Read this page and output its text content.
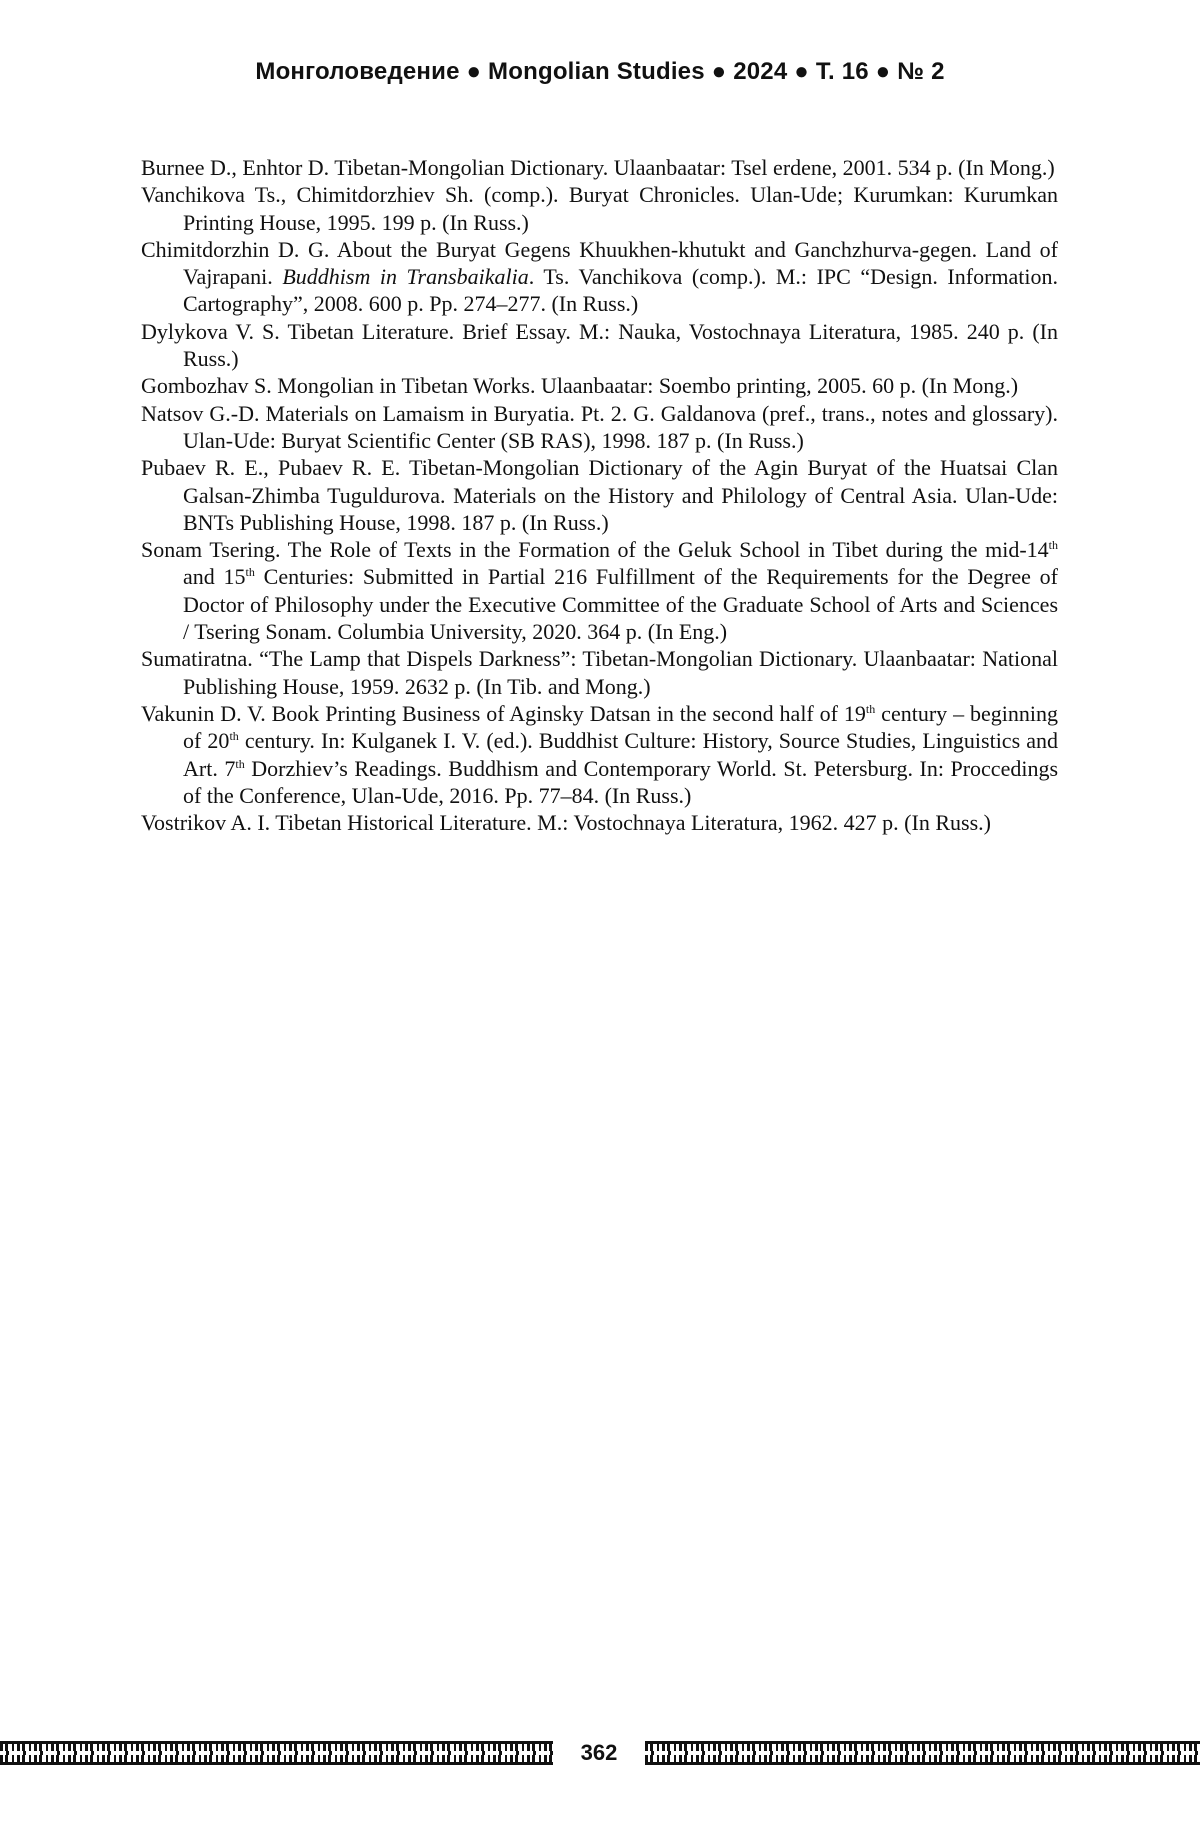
Монголоведение ● Mongolian Studies ● 2024 ● Т. 16 ● № 2

Burnee D., Enhtor D. Tibetan-Mongolian Dictionary. Ulaanbaatar: Tsel erdene, 2001. 534 p. (In Mong.)

Vanchikova Ts., Chimitdorzhiev Sh. (comp.). Buryat Chronicles. Ulan-Ude; Kurumkan: Kurumkan Printing House, 1995. 199 p. (In Russ.)

Chimitdorzhin D. G. About the Buryat Gegens Khuukhen-khutukt and Ganchzhurva-gegen. Land of Vajrapani. Buddhism in Transbaikalia. Ts. Vanchikova (comp.). M.: IPC “Design. Information. Cartography”, 2008. 600 p. Pp. 274–277. (In Russ.)

Dylykova V. S. Tibetan Literature. Brief Essay. M.: Nauka, Vostochnaya Literatura, 1985. 240 p. (In Russ.)

Gombozhav S. Mongolian in Tibetan Works. Ulaanbaatar: Soembo printing, 2005. 60 p. (In Mong.)

Natsov G.-D. Materials on Lamaism in Buryatia. Pt. 2. G. Galdanova (pref., trans., notes and glossary). Ulan-Ude: Buryat Scientific Center (SB RAS), 1998. 187 p. (In Russ.)

Pubaev R. E., Pubaev R. E. Tibetan-Mongolian Dictionary of the Agin Buryat of the Huatsai Clan Galsan-Zhimba Tuguldurova. Materials on the History and Philology of Central Asia. Ulan-Ude: BNTs Publishing House, 1998. 187 p. (In Russ.)

Sonam Tsering. The Role of Texts in the Formation of the Geluk School in Tibet during the mid-14th and 15th Centuries: Submitted in Partial 216 Fulfillment of the Requirements for the Degree of Doctor of Philosophy under the Executive Committee of the Graduate School of Arts and Sciences / Tsering Sonam. Columbia University, 2020. 364 p. (In Eng.)

Sumatiratna. “The Lamp that Dispels Darkness”: Tibetan-Mongolian Dictionary. Ulaanbaatar: National Publishing House, 1959. 2632 p. (In Tib. and Mong.)

Vakunin D. V. Book Printing Business of Aginsky Datsan in the second half of 19th century – beginning of 20th century. In: Kulganek I. V. (ed.). Buddhist Culture: History, Source Studies, Linguistics and Art. 7th Dorzhiev’s Readings. Buddhism and Contemporary World. St. Petersburg. In: Proccedings of the Conference, Ulan-Ude, 2016. Pp. 77–84. (In Russ.)

Vostrikov A. I. Tibetan Historical Literature. M.: Vostochnaya Literatura, 1962. 427 p. (In Russ.)

362
